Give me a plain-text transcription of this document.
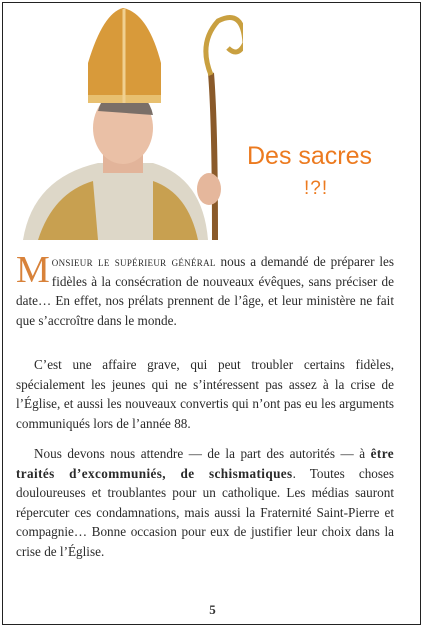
Des sacres
!?!
Monsieur le supérieur général nous a demandé de préparer les fidèles à la consécration de nouveaux évêques, sans préciser de date… En effet, nos prélats prennent de l’âge, et leur ministère ne fait que s’accroître dans le monde.
C’est une affaire grave, qui peut troubler certains fidèles, spécialement les jeunes qui ne s’intéressent pas assez à la crise de l’Église, et aussi les nouveaux convertis qui n’ont pas eu les arguments communiqués lors de l’année 88.
Nous devons nous attendre — de la part des autorités — à être traités d’excommuniés, de schismatiques. Toutes choses douloureuses et troublantes pour un catholique. Les médias sauront répercuter ces condamnations, mais aussi la Fraternité Saint-Pierre et compagnie… Bonne occasion pour eux de justifier leur choix dans la crise de l’Église.
5
